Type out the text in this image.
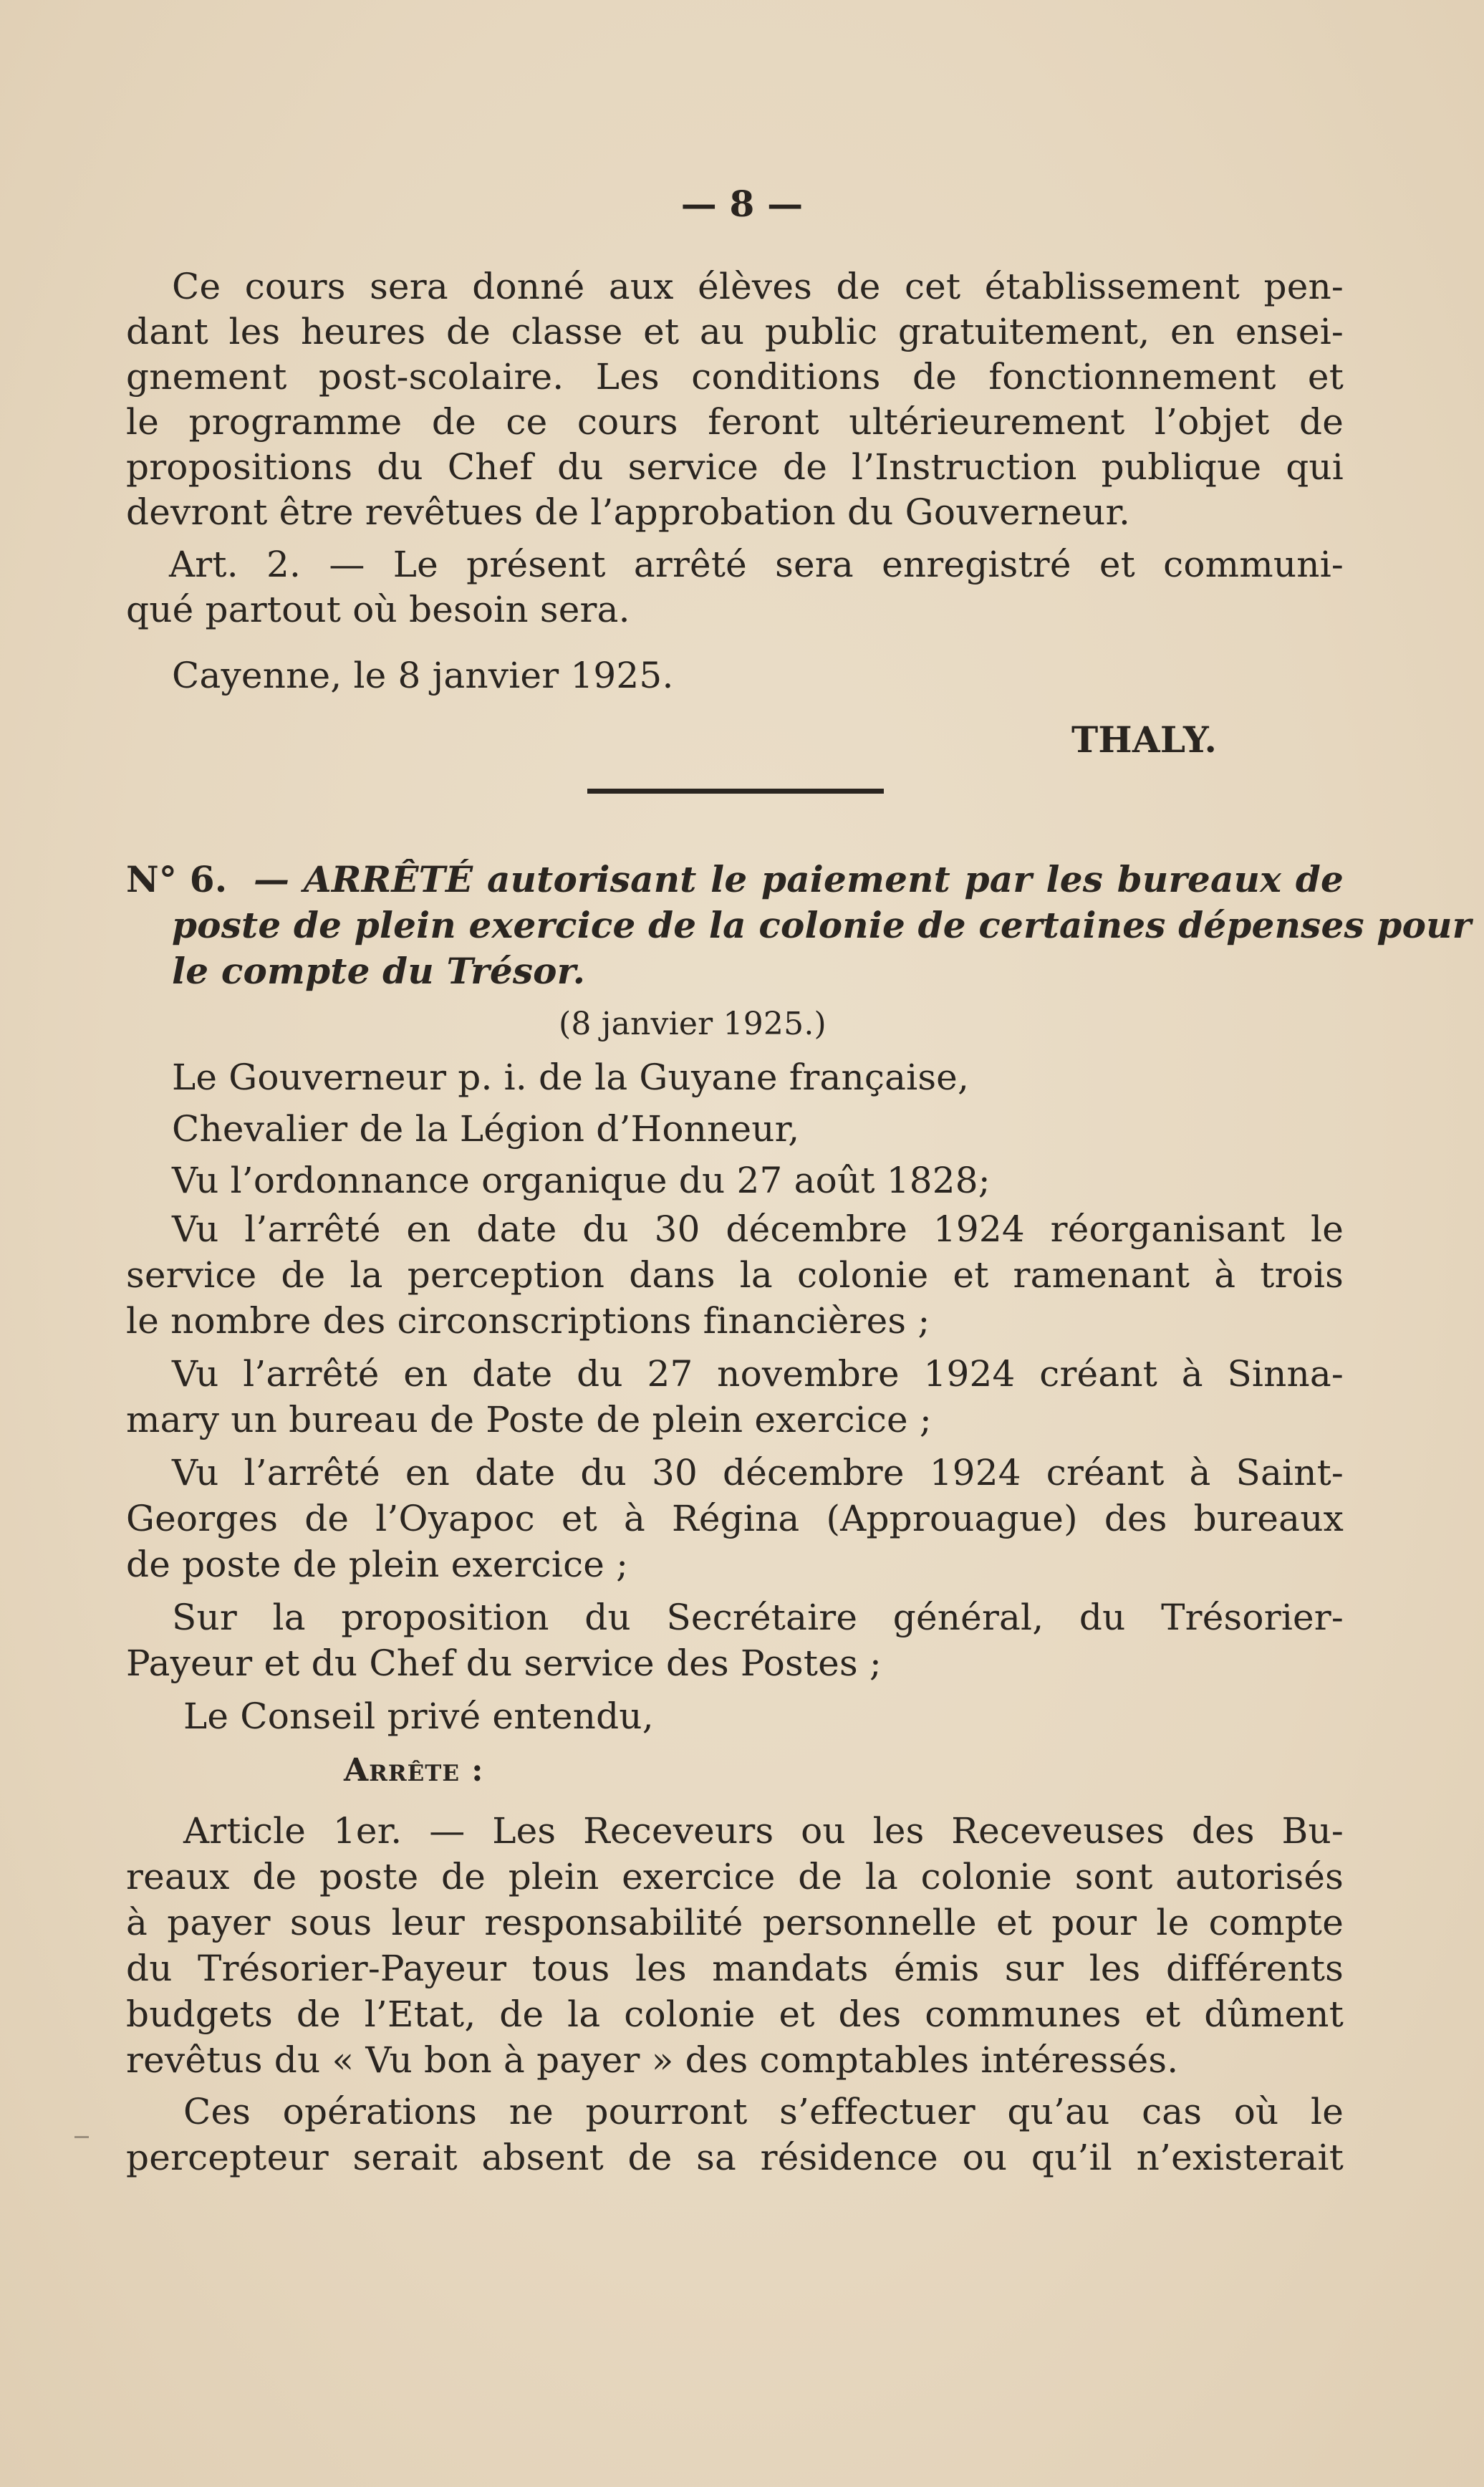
— 8 —
Ce cours sera donné aux élèves de cet établissement pen-
dant les heures de classe et au public gratuitement, en ensei-
gnement post-scolaire. Les conditions de fonctionnement et
le programme de ce cours feront ultérieurement l’objet de
propositions du Chef du service de l’Instruction publique qui
devront être revêtues de l’approbation du Gouverneur.
Art. 2. — Le présent arrêté sera enregistré et communi-
qué partout où besoin sera.
Cayenne, le 8 janvier 1925.
THALY.
N° 6. — ARRÊTÉ autorisant le paiement par les bureaux de
poste de plein exercice de la colonie de certaines dépenses pour
le compte du Trésor.
(8 janvier 1925.)
Le Gouverneur p. i. de la Guyane française,
Chevalier de la Légion d’Honneur,
Vu l’ordonnance organique du 27 août 1828;
Vu l’arrêté en date du 30 décembre 1924 réorganisant le
service de la perception dans la colonie et ramenant à trois
le nombre des circonscriptions financières ;
Vu l’arrêté en date du 27 novembre 1924 créant à Sinna-
mary un bureau de Poste de plein exercice ;
Vu l’arrêté en date du 30 décembre 1924 créant à Saint-
Georges de l’Oyapoc et à Régina (Approuague) des bureaux
de poste de plein exercice ;
Sur la proposition du Secrétaire général, du Trésorier-
Payeur et du Chef du service des Postes ;
Le Conseil privé entendu,
Arrête :
Article 1er. — Les Receveurs ou les Receveuses des Bu-
reaux de poste de plein exercice de la colonie sont autorisés
à payer sous leur responsabilité personnelle et pour le compte
du Trésorier-Payeur tous les mandats émis sur les différents
budgets de l’Etat, de la colonie et des communes et dûment
revêtus du « Vu bon à payer » des comptables intéressés.
Ces opérations ne pourront s’effectuer qu’au cas où le
percepteur serait absent de sa résidence ou qu’il n’existerait
